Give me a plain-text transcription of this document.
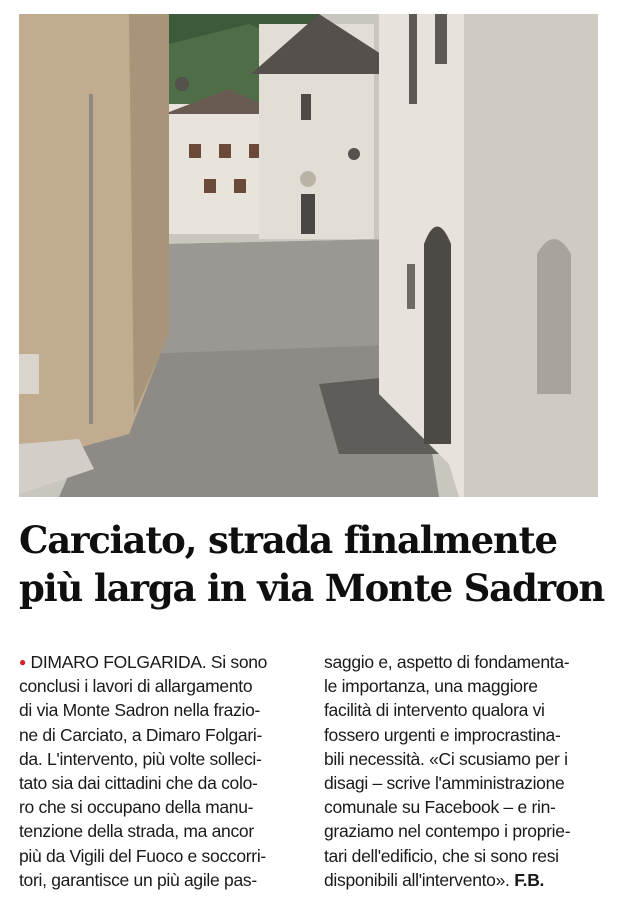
Carciato, strada finalmente
più larga in via Monte Sadron
● DIMARO FOLGARIDA. Si sono
conclusi i lavori di allargamento
di via Monte Sadron nella frazio-
ne di Carciato, a Dimaro Folgari-
da. L'intervento, più volte solleci-
tato sia dai cittadini che da colo-
ro che si occupano della manu-
tenzione della strada, ma ancor
più da Vigili del Fuoco e soccorri-
tori, garantisce un più agile pas-
saggio e, aspetto di fondamenta-
le importanza, una maggiore
facilità di intervento qualora vi
fossero urgenti e improcrastina-
bili necessità. «Ci scusiamo per i
disagi – scrive l'amministrazione
comunale su Facebook – e rin-
graziamo nel contempo i proprie-
tari dell'edificio, che si sono resi
disponibili all'intervento». F.B.
